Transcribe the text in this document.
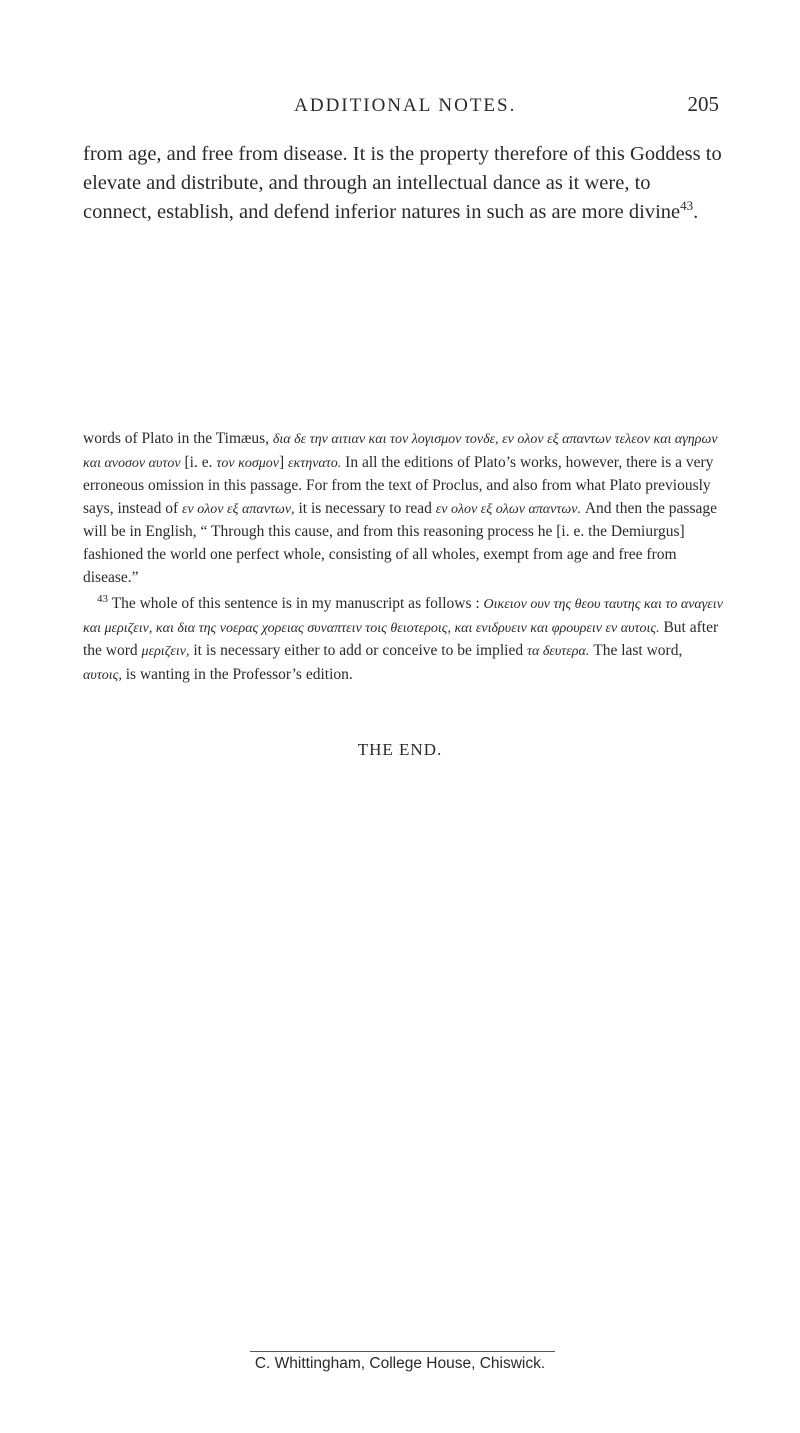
ADDITIONAL NOTES.	205

from age, and free from disease. It is the property therefore of this Goddess to elevate and distribute, and through an intellectual dance as it were, to connect, establish, and defend inferior natures in such as are more divine$^{43}$.

words of Plato in the Timæus, δια δε την αιτιαν και τον λογισμον τονδε, εν ολον εξ απαντων τελεον και αγηρων και ανοσον αυτον [i. e. τον κοσμον] εκτηνατο. In all the editions of Plato’s works, however, there is a very erroneous omission in this passage. For from the text of Proclus, and also from what Plato previously says, instead of εν ολον εξ απαντων, it is necessary to read εν ολον εξ ολων απαντων. And then the passage will be in English, “ Through this cause, and from this reasoning process he [i. e. the Demiurgus] fashioned the world one perfect whole, consisting of all wholes, exempt from age and free from disease.”

$^{43}$ The whole of this sentence is in my manuscript as follows : Οικειον ουν της θεου ταυτης και το αναγειν και μεριζειν, και δια της νοερας χορειας συναπτειν τοις θειοτεροις, και ενιδρυειν και φρουρειν εν αυτοις. But after the word μεριζειν, it is necessary either to add or conceive to be implied τα δευτερα. The last word, αυτοις, is wanting in the Professor’s edition.

THE END.
C. Whittingham, College House, Chiswick.
